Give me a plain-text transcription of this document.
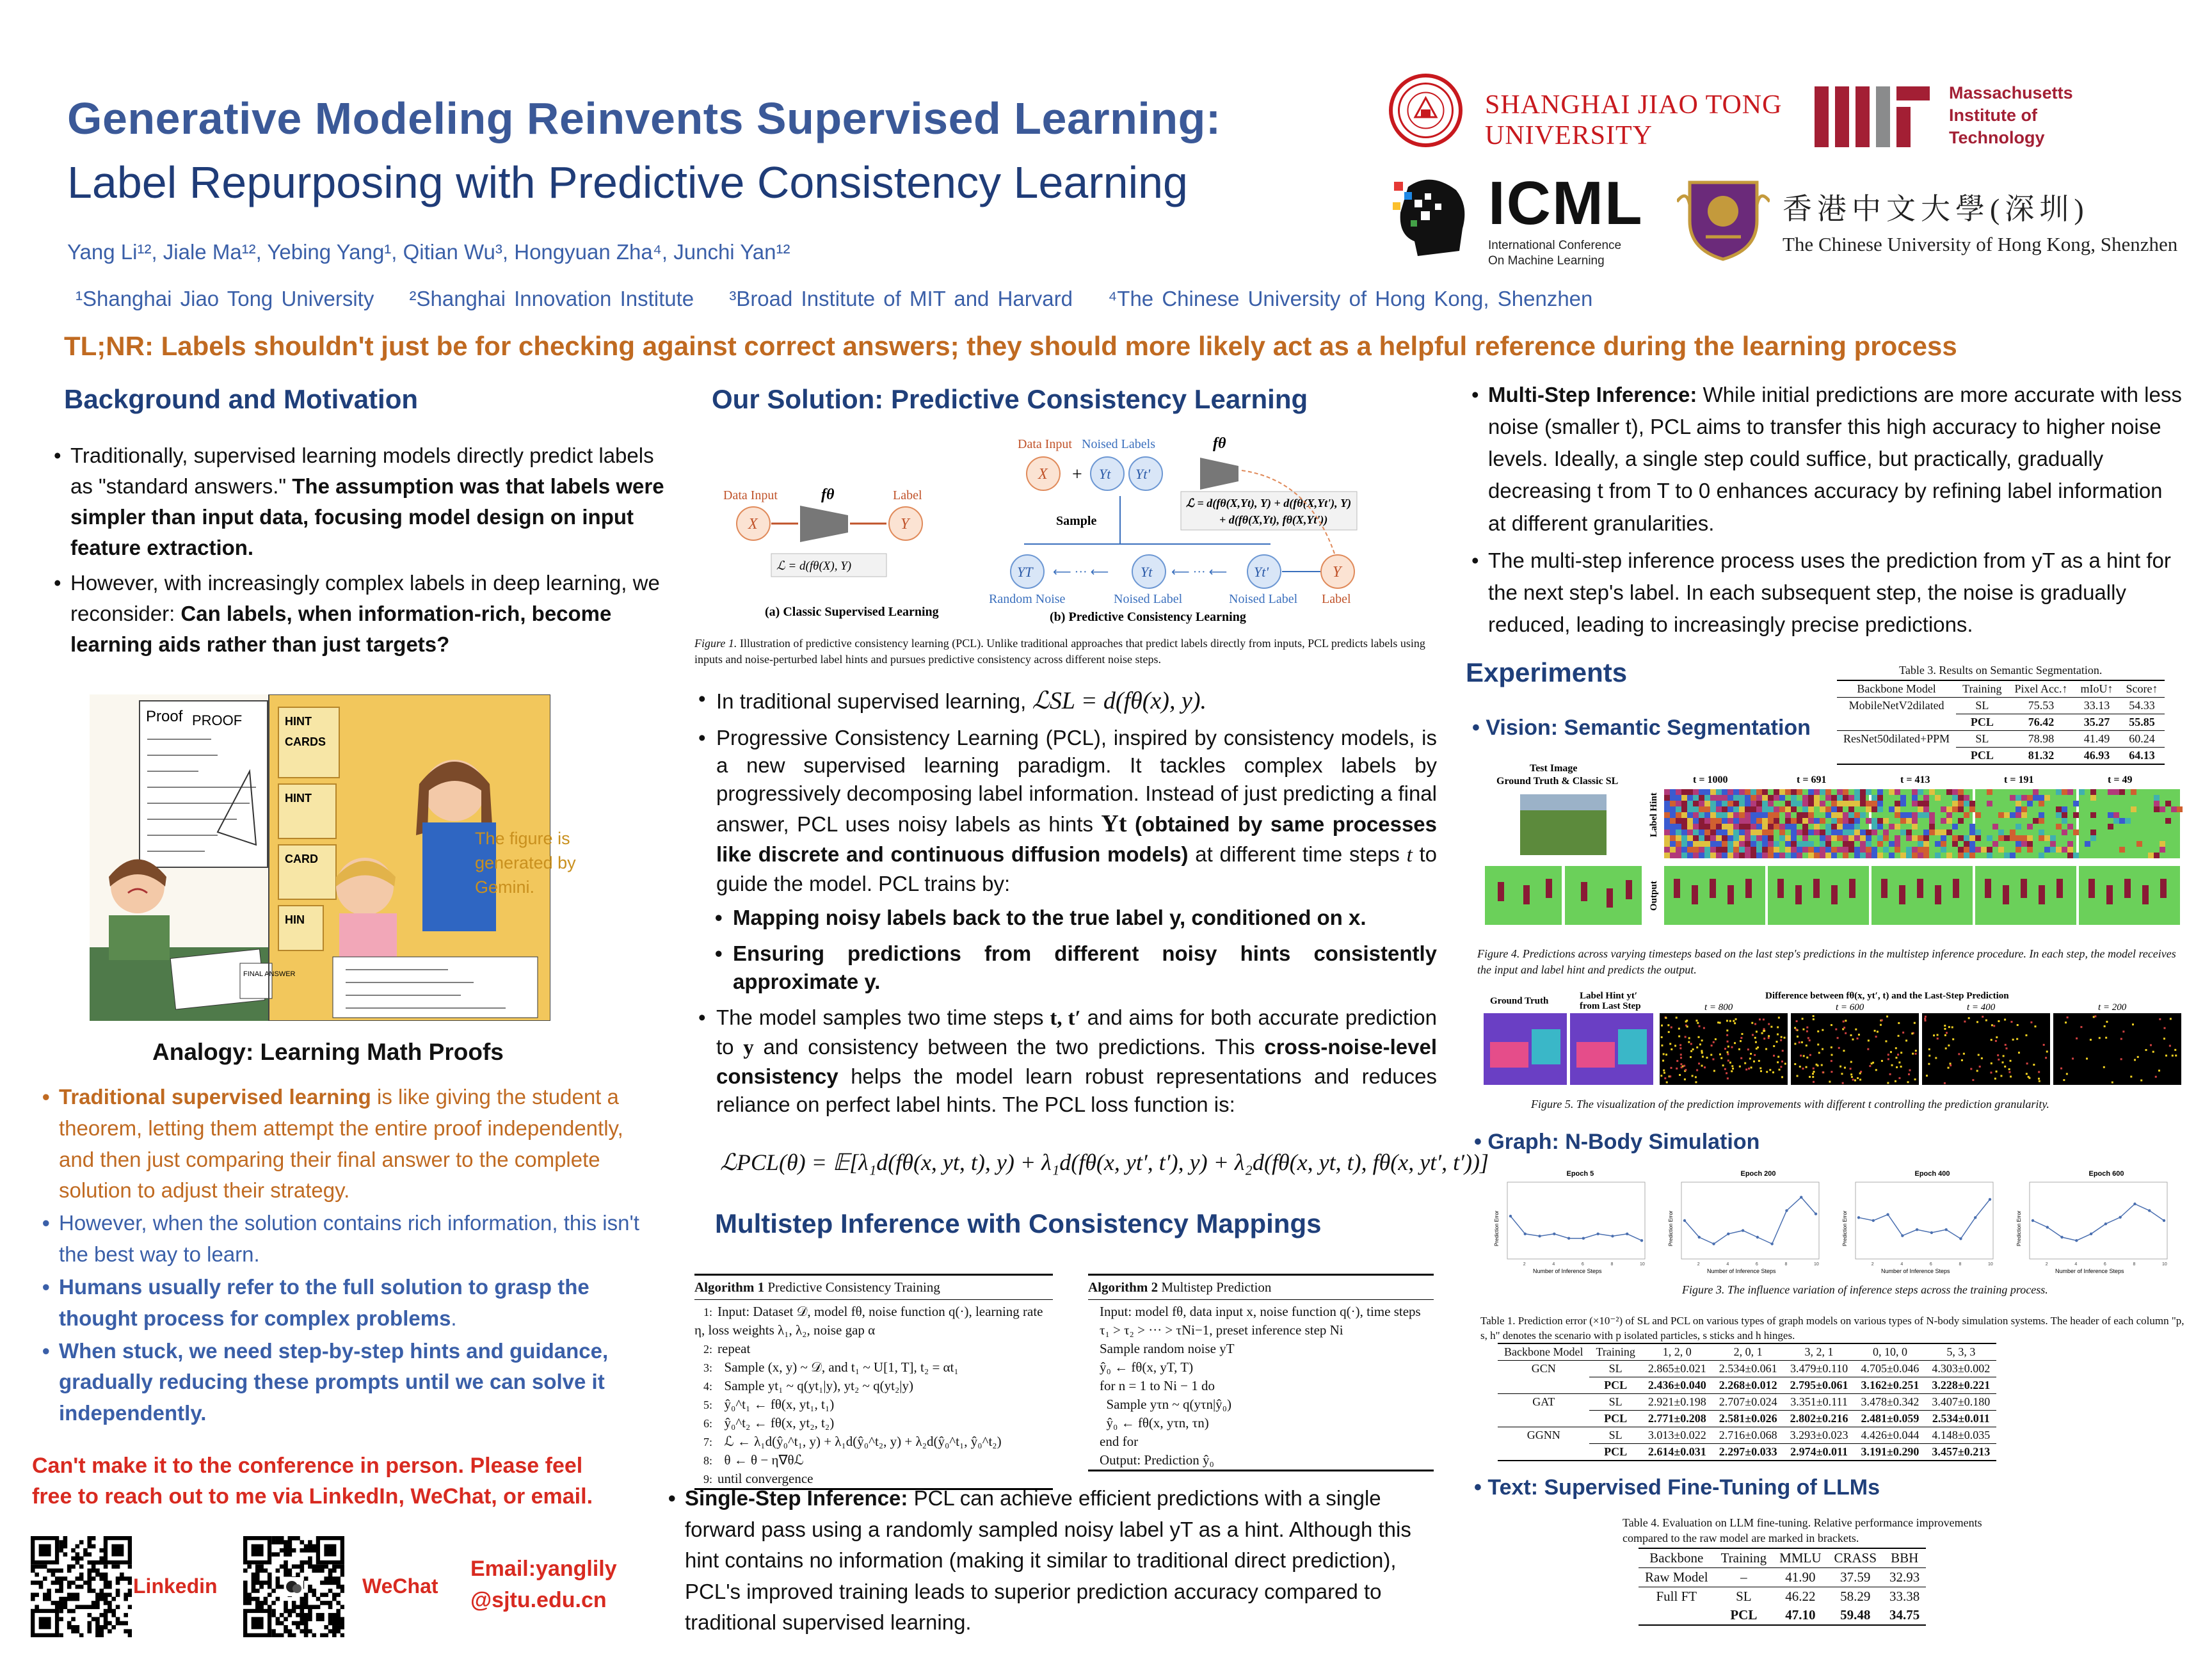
Generative Modeling Reinvents Supervised Learning:
Label Repurposing with Predictive Consistency Learning
Yang Li¹², Jiale Ma¹², Yebing Yang¹, Qitian Wu³, Hongyuan Zha⁴, Junchi Yan¹²
¹Shanghai Jiao Tong University ²Shanghai Innovation Institute ³Broad Institute of MIT and Harvard ⁴The Chinese University of Hong Kong, Shenzhen
TL;NR: Labels shouldn't just be for checking against correct answers; they should more likely act as a helpful reference during the learning process
SHANGHAI JIAO TONG
UNIVERSITY
Massachusetts
Institute of
Technology
ICML
International Conference
On Machine Learning
香港中文大學(深圳)
The Chinese University of Hong Kong, Shenzhen
Background and Motivation
• Traditionally, supervised learning models directly predict labels as "standard answers." The assumption was that labels were simpler than input data, focusing model design on input feature extraction.
• However, with increasingly complex labels in deep learning, we reconsider: Can labels, when information-rich, become learning aids rather than just targets?
Proof PROOF
FINAL ANSWER
HINT
CARDS
HINT
CARD
HIN
The figure is generated by Gemini.
Analogy: Learning Math Proofs
• Traditional supervised learning is like giving the student a theorem, letting them attempt the entire proof independently, and then just comparing their final answer to the complete solution to adjust their strategy.
• However, when the solution contains rich information, this isn't the best way to learn.
• Humans usually refer to the full solution to grasp the thought process for complex problems.
• When stuck, we need step-by-step hints and guidance, gradually reducing these prompts until we can solve it independently.
Can't make it to the conference in person. Please feel
free to reach out to me via LinkedIn, WeChat, or email.
Linkedin	WeChat
Email:yanglily
@sjtu.edu.cn
Our Solution: Predictive Consistency Learning
Data Input	Label
fθ
X	Y
ℒ = d(fθ(X), Y)
(a) Classic Supervised Learning
Data Input Noised Labels	fθ
X + Yt Yt'
ℒ = d(fθ(X,Yt), Y) + d(fθ(X,Yt'), Y)
+ d(fθ(X,Yt), fθ(X,Yt'))
Sample
YT ⟵ ··· ⟵ Yt ⟵ ··· ⟵ Yt'	Y
Random Noise	Noised Label	Noised Label Label
(b) Predictive Consistency Learning
Figure 1. Illustration of predictive consistency learning (PCL). Unlike traditional approaches that predict labels directly from inputs, PCL predicts labels using inputs and noise-perturbed label hints and pursues predictive consistency across different noise steps.
• In traditional supervised learning, ℒSL = d(fθ(x), y).
• Progressive Consistency Learning (PCL), inspired by consistency models, is a new supervised learning paradigm. It tackles complex labels by progressively decomposing label information. Instead of just predicting a final answer, PCL uses noisy labels as hints Yt (obtained by same processes like discrete and continuous diffusion models) at different time steps t to guide the model. PCL trains by:
• Mapping noisy labels back to the true label y, conditioned on x.
• Ensuring predictions from different noisy hints consistently approximate y.
• The model samples two time steps t, t′ and aims for both accurate prediction to y and consistency between the two predictions. This cross-noise-level consistency helps the model learn robust representations and reduces reliance on perfect label hints. The PCL loss function is:
ℒPCL(θ) = 𝔼[λ₁d(fθ(x, yt, t), y) + λ₁d(fθ(x, yt′, t′), y) + λ₂d(fθ(x, yt, t), fθ(x, yt′, t′))]
Multistep Inference with Consistency Mappings
Algorithm 1 Predictive Consistency Training
1: Input: Dataset 𝒟, model fθ, noise function q(·), learning rate η, loss weights λ₁, λ₂, noise gap α
2: repeat
3:  Sample (x, y) ~ 𝒟, and t₁ ~ U[1, T], t₂ = αt₁
4:  Sample yt₁ ~ q(yt₁|y), yt₂ ~ q(yt₂|y)
5:  ŷ₀^t₁ ← fθ(x, yt₁, t₁)
6:  ŷ₀^t₂ ← fθ(x, yt₂, t₂)
7:  ℒ ← λ₁d(ŷ₀^t₁, y) + λ₁d(ŷ₀^t₂, y) + λ₂d(ŷ₀^t₁, ŷ₀^t₂)
8:  θ ← θ − η∇θℒ
9: until convergence
Algorithm 2 Multistep Prediction
Input: model fθ, data input x, noise function q(·), time steps τ₁ > τ₂ > ··· > τNi−1, preset inference step Ni
Sample random noise yT
ŷ₀ ← fθ(x, yT, T)
for n = 1 to Ni − 1 do
Sample yτn ~ q(yτn|ŷ₀)
ŷ₀ ← fθ(x, yτn, τn)
end for
Output: Prediction ŷ₀
• Single-Step Inference: PCL can achieve efficient predictions with a single forward pass using a randomly sampled noisy label yT as a hint. Although this hint contains no information (making it similar to traditional direct prediction), PCL's improved training leads to superior prediction accuracy compared to traditional supervised learning.
• Multi-Step Inference: While initial predictions are more accurate with less noise (smaller t), PCL aims to transfer this high accuracy to higher noise levels. Ideally, a single step could suffice, but practically, gradually decreasing t from T to 0 enhances accuracy by refining label information at different granularities.
• The multi-step inference process uses the prediction from yT as a hint for the next step's label. In each subsequent step, the noise is gradually reduced, leading to increasingly precise predictions.
Experiments	Table 3. Results on Semantic Segmentation.
Backbone Model	Training	Pixel Acc.↑	mIoU↑	Score↑
MobileNetV2dilated	SL	75.53	33.13	54.33
	PCL	76.42	35.27	55.85
ResNet50dilated+PPM	SL	78.98	41.49	60.24
	PCL	81.32	46.93	64.13
• Vision: Semantic Segmentation
Test Image
Ground Truth & Classic SL
Label Hint
Output
t = 1000	t = 691	t = 413	t = 191	t = 49
Figure 4. Predictions across varying timesteps based on the last step's predictions in the multistep inference procedure. In each step, the model receives the input and label hint and predicts the output.
Ground Truth	Label Hint yt′
from Last Step
Difference between fθ(x, yt′, t) and the Last-Step Prediction
t = 800	t = 600	t = 400	t = 200
Figure 5. The visualization of the prediction improvements with different t controlling the prediction granularity.
• Graph: N-Body Simulation
Epoch 5
Number of Inference Steps
Prediction Error
2	4	6	8	10
Epoch 200
Number of Inference Steps
Prediction Error
2	4	6	8	10
Epoch 400
Number of Inference Steps
Prediction Error
2	4	6	8	10
Epoch 600
Number of Inference Steps
Prediction Error
2	4	6	8	10
Figure 3. The influence variation of inference steps across the training process.
Table 1. Prediction error (×10⁻²) of SL and PCL on various types of graph models on various types of N-body simulation systems. The header of each column "p, s, h" denotes the scenario with p isolated particles, s sticks and h hinges.
Backbone Model	Training	1, 2, 0	2, 0, 1	3, 2, 1	0, 10, 0	5, 3, 3
GCN	SL	2.865±0.021	2.534±0.061	3.479±0.110	4.705±0.046	4.303±0.002
	PCL	2.436±0.040	2.268±0.012	2.795±0.061	3.162±0.251	3.228±0.221
GAT	SL	2.921±0.198	2.707±0.024	3.351±0.111	3.478±0.342	3.407±0.180
	PCL	2.771±0.208	2.581±0.026	2.802±0.216	2.481±0.059	2.534±0.011
GGNN	SL	3.013±0.022	2.716±0.068	3.293±0.023	4.426±0.044	4.148±0.035
	PCL	2.614±0.031	2.297±0.033	2.974±0.011	3.191±0.290	3.457±0.213
• Text: Supervised Fine-Tuning of LLMs
Table 4. Evaluation on LLM fine-tuning. Relative performance improvements compared to the raw model are marked in brackets.
Backbone	Training	MMLU	CRASS	BBH
Raw Model	–	41.90	37.59	32.93
Full FT	SL	46.22	58.29	33.38
	PCL	47.10	59.48	34.75
